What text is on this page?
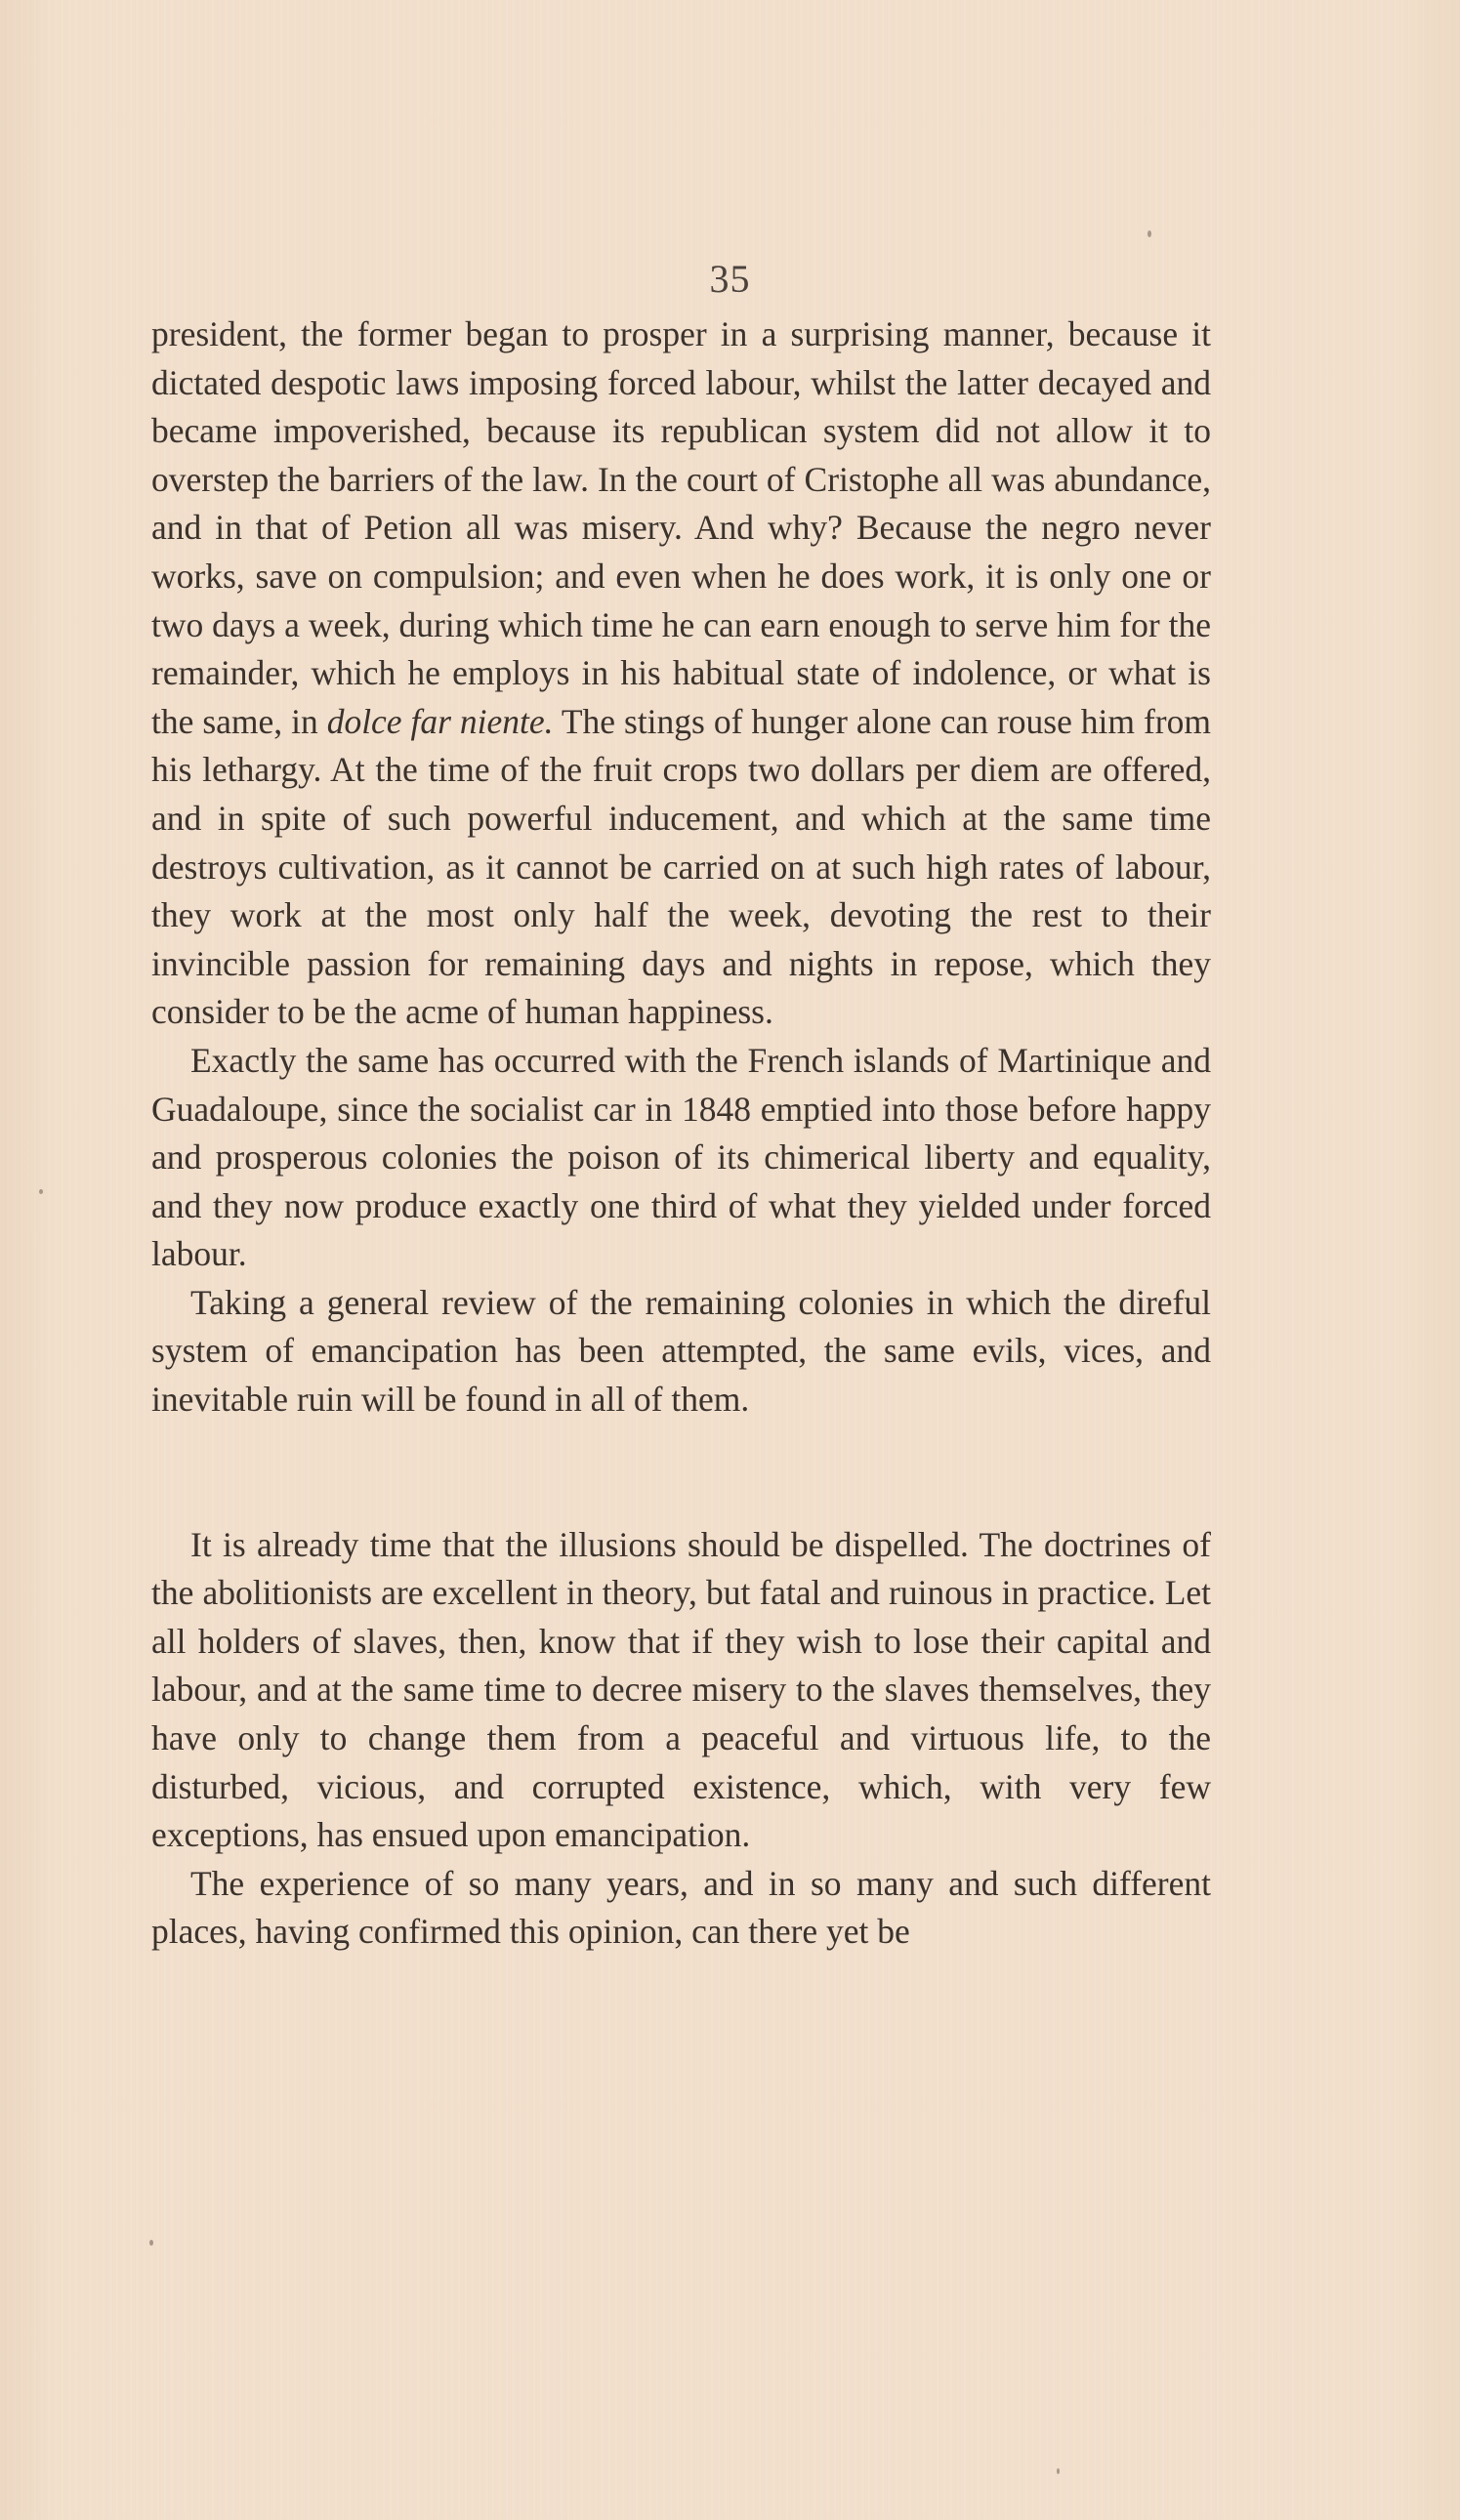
35

president, the former began to prosper in a surprising manner, because it dictated despotic laws imposing forced labour, whilst the latter decayed and became impoverished, because its republican system did not allow it to overstep the barriers of the law. In the court of Cristophe all was abundance, and in that of Petion all was misery. And why? Because the negro never works, save on compulsion; and even when he does work, it is only one or two days a week, during which time he can earn enough to serve him for the remainder, which he employs in his habitual state of indolence, or what is the same, in dolce far niente. The stings of hunger alone can rouse him from his lethargy. At the time of the fruit crops two dollars per diem are offered, and in spite of such powerful inducement, and which at the same time destroys cultivation, as it cannot be carried on at such high rates of labour, they work at the most only half the week, devoting the rest to their invincible passion for remaining days and nights in repose, which they consider to be the acme of human happiness.

Exactly the same has occurred with the French islands of Martinique and Guadaloupe, since the socialist car in 1848 emptied into those before happy and prosperous colonies the poison of its chimerical liberty and equality, and they now produce exactly one third of what they yielded under forced labour.

Taking a general review of the remaining colonies in which the direful system of emancipation has been attempted, the same evils, vices, and inevitable ruin will be found in all of them.

It is already time that the illusions should be dispelled. The doctrines of the abolitionists are excellent in theory, but fatal and ruinous in practice. Let all holders of slaves, then, know that if they wish to lose their capital and labour, and at the same time to decree misery to the slaves themselves, they have only to change them from a peaceful and virtuous life, to the disturbed, vicious, and corrupted existence, which, with very few exceptions, has ensued upon emancipation.

The experience of so many years, and in so many and such different places, having confirmed this opinion, can there yet be
